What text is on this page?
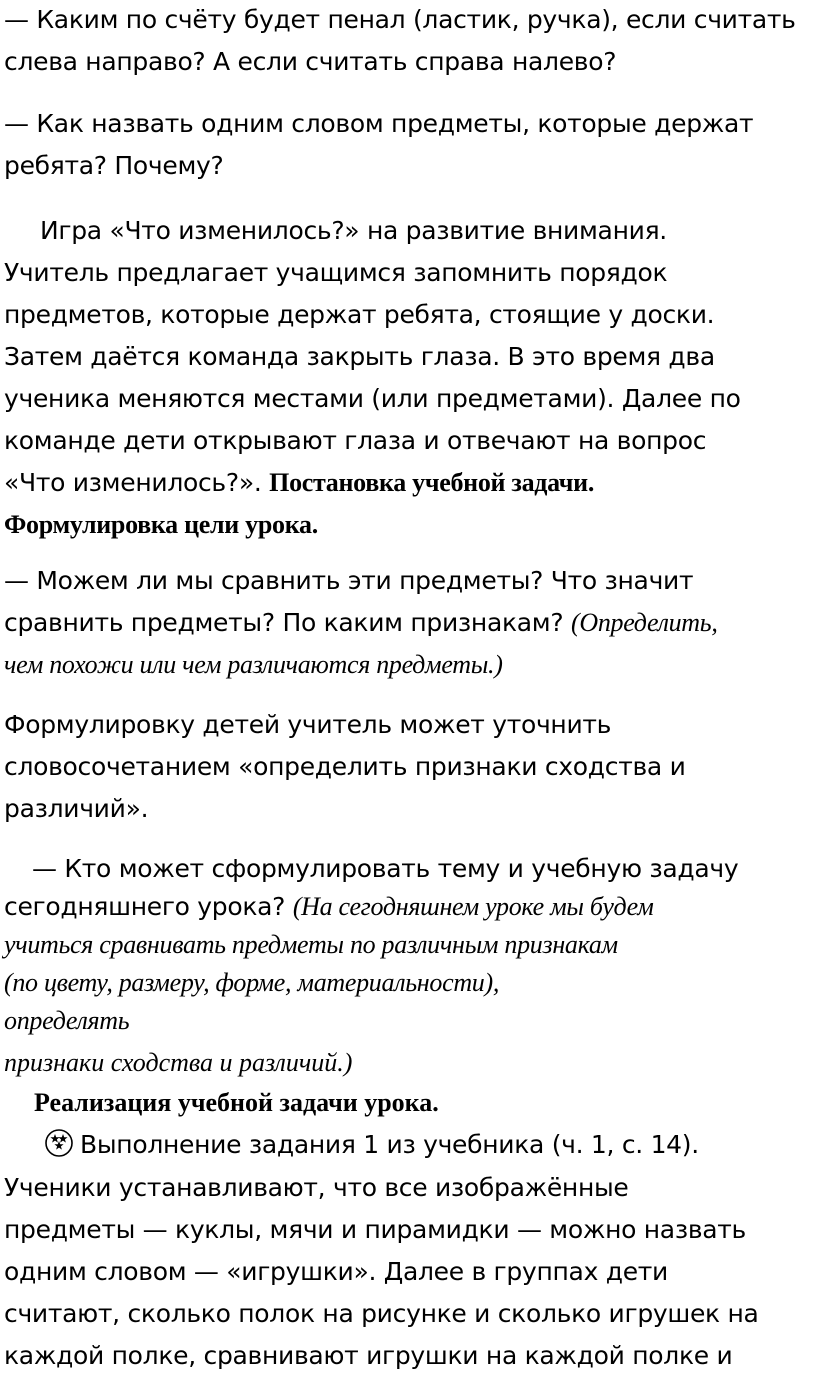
— Каким по счёту будет пенал (ластик, ручка), если считать
слева направо? А если считать справа налево?

— Как назвать одним словом предметы, которые держат
ребята? Почему?

Игра «Что изменилось?» на развитие внимания.
Учитель предлагает учащимся запомнить порядок
предметов, которые держат ребята, стоящие у доски.
Затем даётся команда закрыть глаза. В это время два
ученика меняются местами (или предметами). Далее по
команде дети открывают глаза и отвечают на вопрос
«Что изменилось?». Постановка учебной задачи.
Формулировка цели урока.

— Можем ли мы сравнить эти предметы? Что значит
сравнить предметы? По каким признакам? (Определить,
чем похожи или чем различаются предметы.)

Формулировку детей учитель может уточнить
словосочетанием «определить признаки сходства и
различий».

— Кто может сформулировать тему и учебную задачу
сегодняшнего урока? (На сегодняшнем уроке мы будем
учиться сравнивать предметы по различным признакам
(по цвету, размеру, форме, материальности),
определять

признаки сходства и различий.)

Реализация учебной задачи урока.

Выполнение задания 1 из учебника (ч. 1, с. 14).

Ученики устанавливают, что все изображённые
предметы — куклы, мячи и пирамидки — можно назвать
одним словом — «игрушки». Далее в группах дети
считают, сколько полок на рисунке и сколько игрушек на
каждой полке, сравнивают игрушки на каждой полке и
